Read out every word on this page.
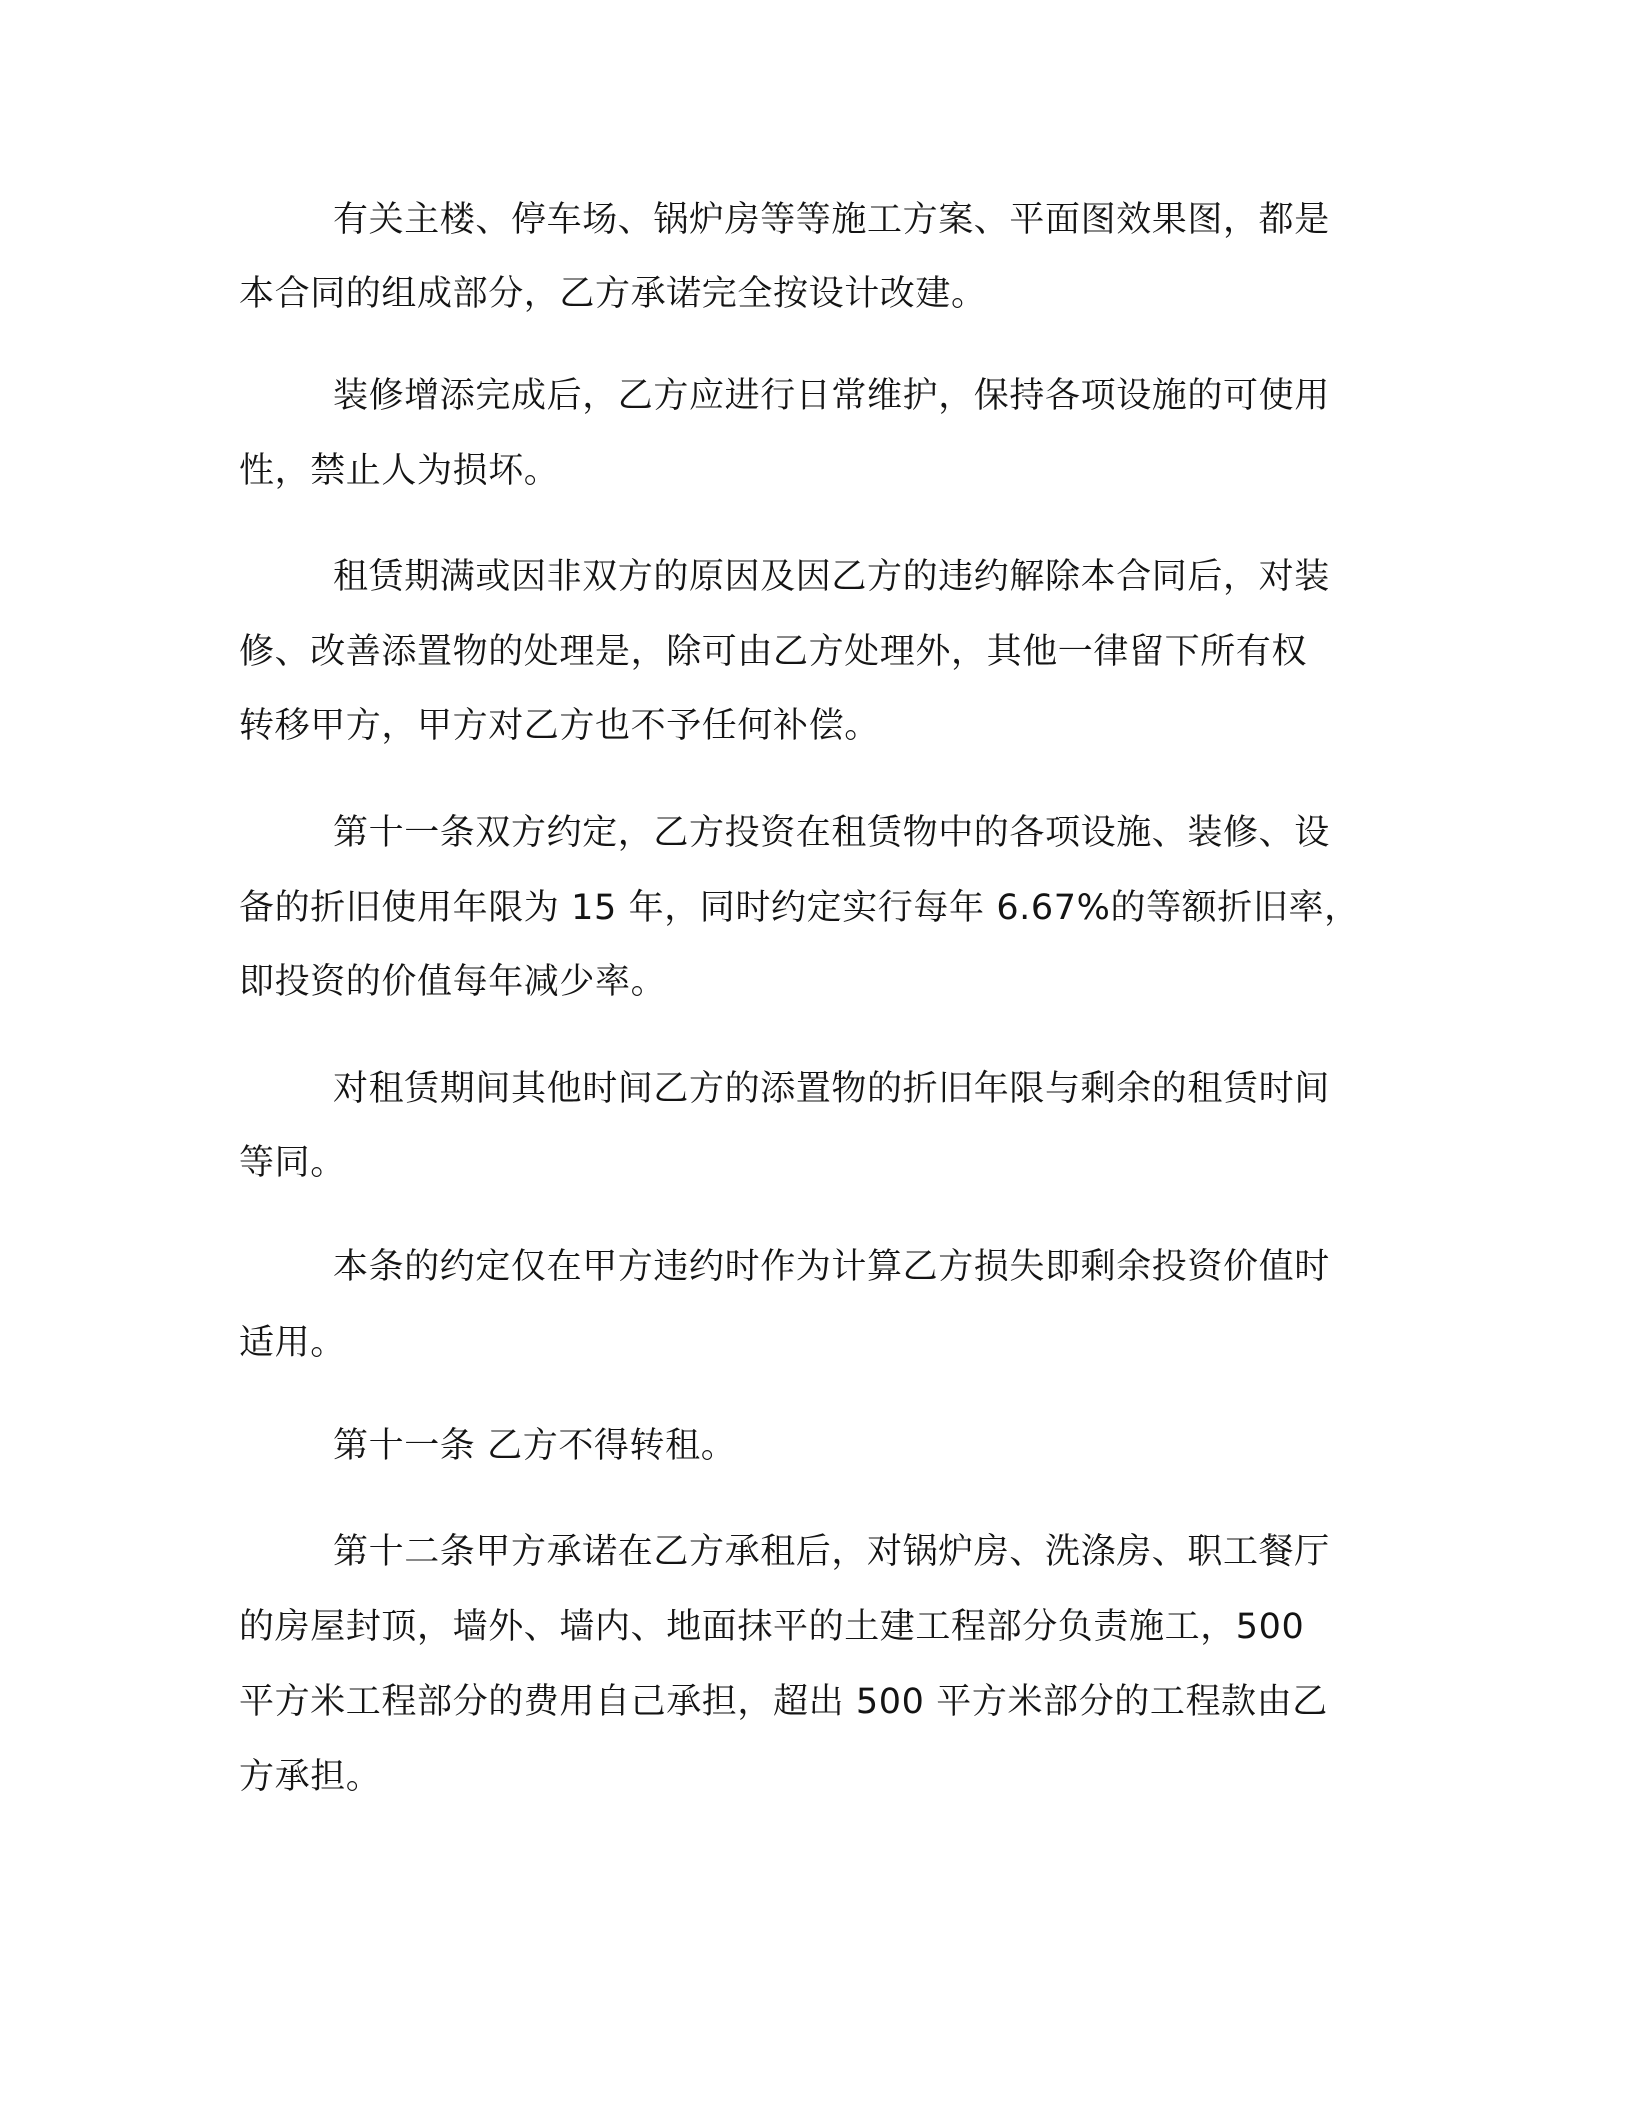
有关主楼、停车场、锅炉房等等施工方案、平面图效果图，都是
本合同的组成部分，乙方承诺完全按设计改建。
装修增添完成后，乙方应进行日常维护，保持各项设施的可使用
性，禁止人为损坏。
租赁期满或因非双方的原因及因乙方的违约解除本合同后，对装
修、改善添置物的处理是，除可由乙方处理外，其他一律留下所有权
转移甲方，甲方对乙方也不予任何补偿。
第十一条双方约定，乙方投资在租赁物中的各项设施、装修、设
备的折旧使用年限为 15 年，同时约定实行每年 6.67%的等额折旧率，
即投资的价值每年减少率。
对租赁期间其他时间乙方的添置物的折旧年限与剩余的租赁时间
等同。
本条的约定仅在甲方违约时作为计算乙方损失即剩余投资价值时
适用。
第十一条 乙方不得转租。
第十二条甲方承诺在乙方承租后，对锅炉房、洗涤房、职工餐厅
的房屋封顶，墙外、墙内、地面抹平的土建工程部分负责施工，500
平方米工程部分的费用自己承担，超出 500 平方米部分的工程款由乙
方承担。
